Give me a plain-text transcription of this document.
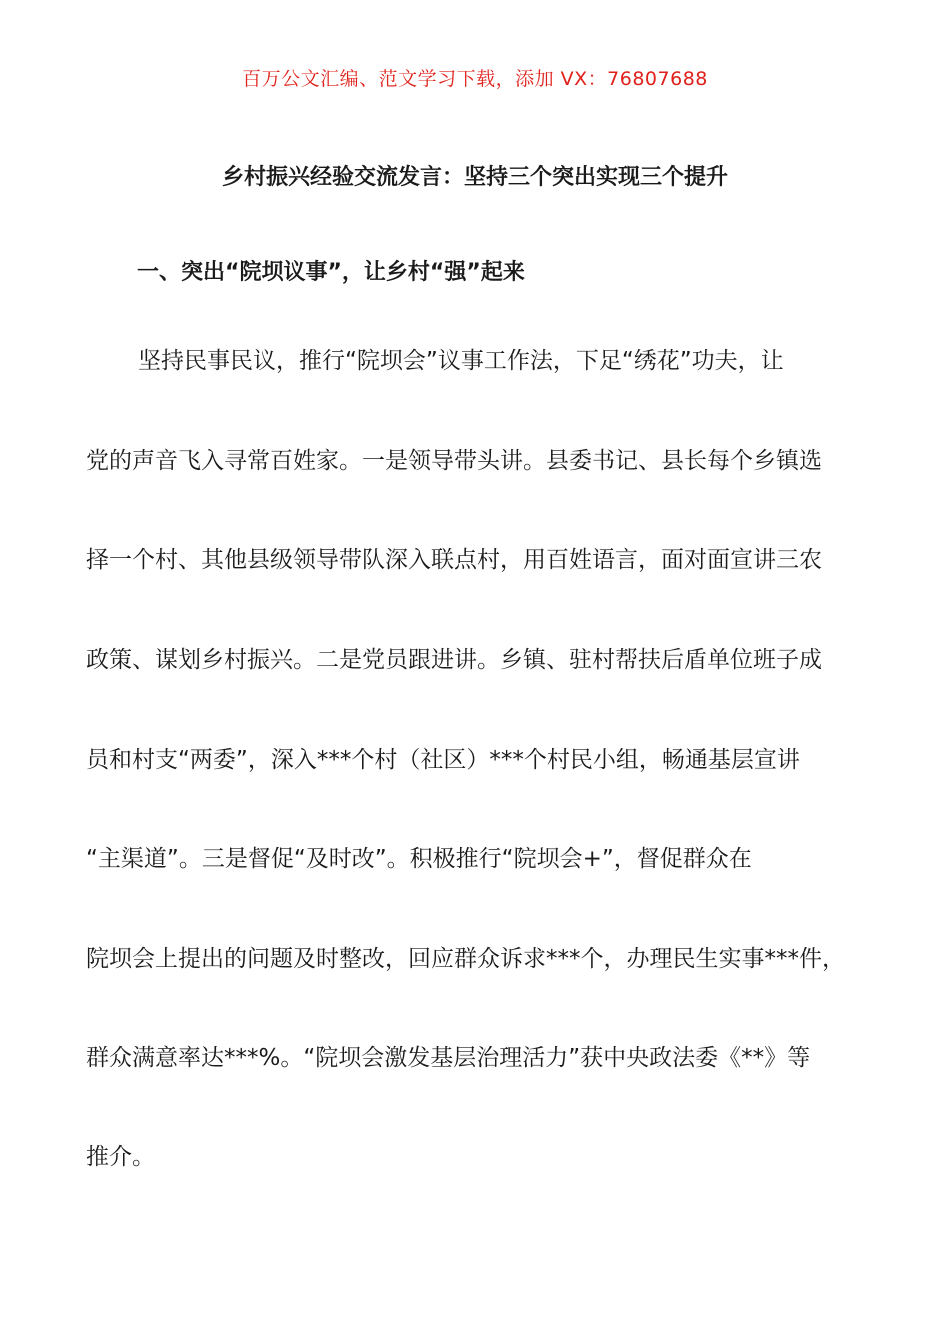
百万公文汇编、范文学习下载，添加 VX：76807688
乡村振兴经验交流发言：坚持三个突出实现三个提升
一、突出“院坝议事”，让乡村“强”起来
坚持民事民议，推行“院坝会”议事工作法，下足“绣花”功夫，让
党的声音飞入寻常百姓家。一是领导带头讲。县委书记、县长每个乡镇选
择一个村、其他县级领导带队深入联点村，用百姓语言，面对面宣讲三农
政策、谋划乡村振兴。二是党员跟进讲。乡镇、驻村帮扶后盾单位班子成
员和村支“两委”，深入***个村（社区）***个村民小组，畅通基层宣讲
“主渠道”。三是督促“及时改”。积极推行“院坝会+”，督促群众在
院坝会上提出的问题及时整改，回应群众诉求***个，办理民生实事***件，
群众满意率达***%。“院坝会激发基层治理活力”获中央政法委《**》等
推介。
